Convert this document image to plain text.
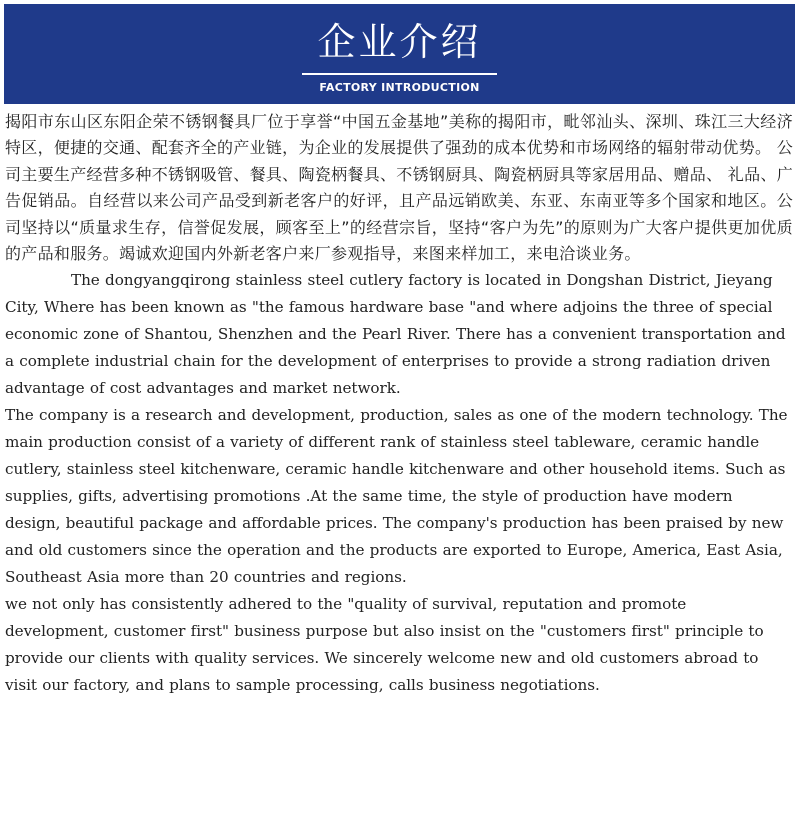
企业介绍
FACTORY INTRODUCTION

揭阳市东山区东阳企荣不锈钢餐具厂位于享誉“中国五金基地”美称的揭阳市，毗邻汕头、深圳、珠江三大经济特区，便捷的交通、配套齐全的产业链，为企业的发展提供了强劲的成本优势和市场网络的辐射带动优势。 公司主要生产经营多种不锈钢吸管、餐具、陶瓷柄餐具、不锈钢厨具、陶瓷柄厨具等家居用品、赠品、 礼品、广告促销品。自经营以来公司产品受到新老客户的好评，且产品远销欧美、东亚、东南亚等多个国家和地区。公司坚持以“质量求生存，信誉促发展，顾客至上”的经营宗旨，坚持“客户为先”的原则为广大客户提供更加优质的产品和服务。竭诚欢迎国内外新老客户来厂参观指导，来图来样加工，来电洽谈业务。

The dongyangqirong stainless steel cutlery factory is located in Dongshan District, Jieyang City, Where has been known as "the famous hardware base "and where adjoins the three of special economic zone of Shantou, Shenzhen and the Pearl River. There has a convenient transportation and a complete industrial chain for the development of enterprises to provide a strong radiation driven advantage of cost advantages and market network.

The company is a research and development, production, sales as one of the modern technology. The main production consist of a variety of different rank of stainless steel tableware, ceramic handle cutlery, stainless steel kitchenware, ceramic handle kitchenware and other household items. Such as supplies, gifts, advertising promotions .At the same time, the style of production have modern design, beautiful package and affordable prices. The company's production has been praised by new and old customers since the operation and the products are exported to Europe, America, East Asia, Southeast Asia more than 20 countries and regions.

we not only has consistently adhered to the "quality of survival, reputation and promote development, customer first" business purpose but also insist on the "customers first" principle to provide our clients with quality services. We sincerely welcome new and old customers abroad to visit our factory, and plans to sample processing, calls business negotiations.
